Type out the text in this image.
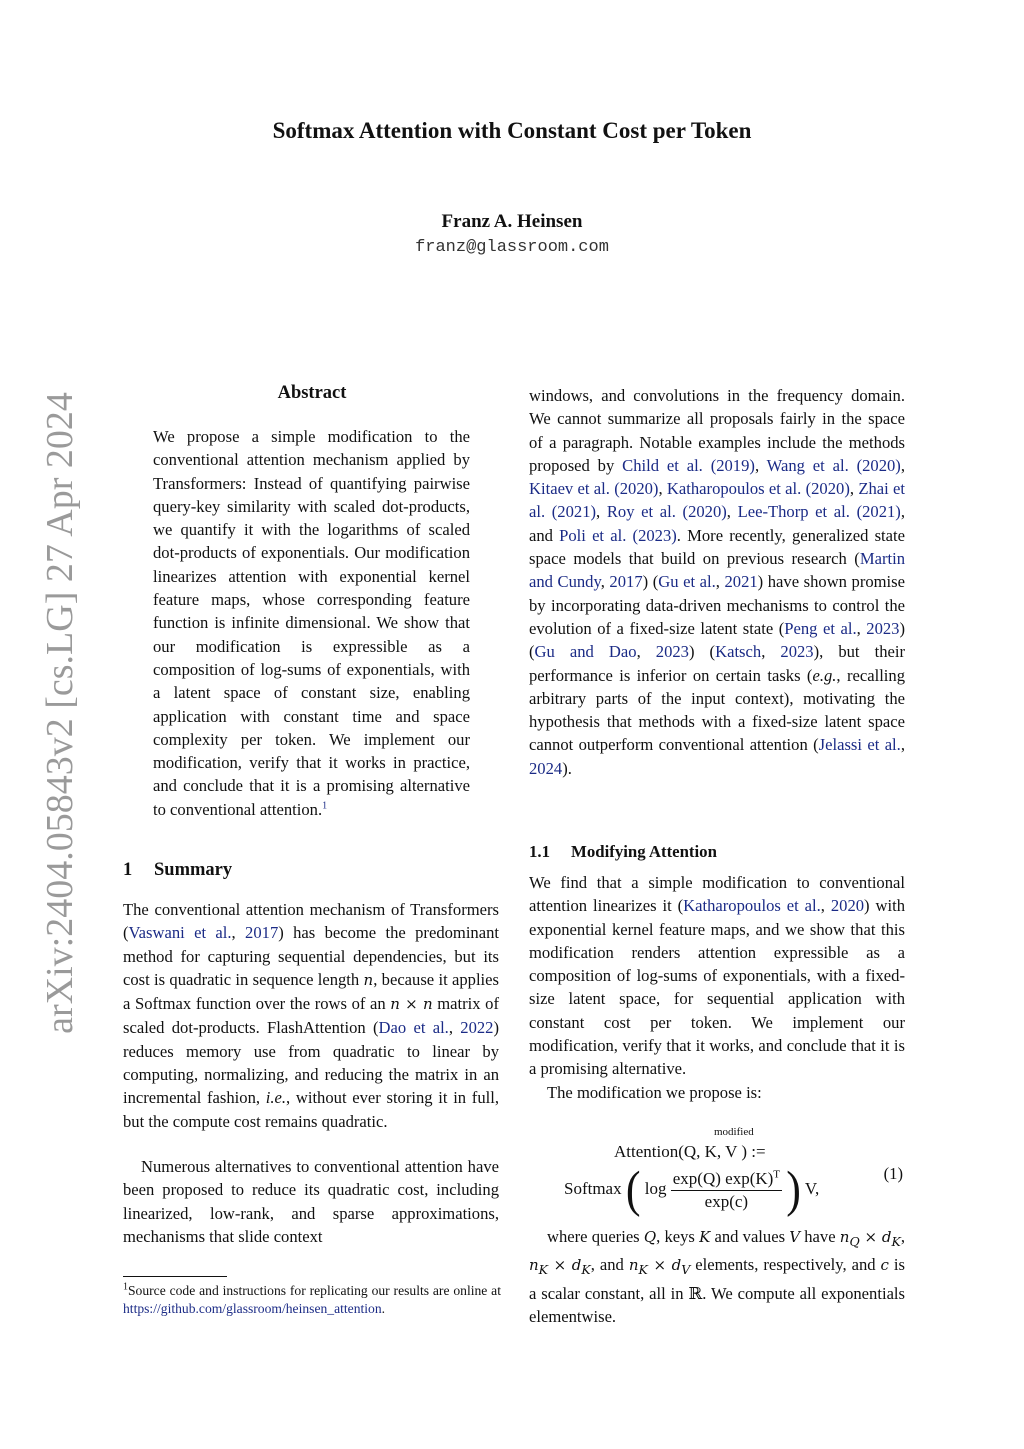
Softmax Attention with Constant Cost per Token
Franz A. Heinsen
franz@glassroom.com
arXiv:2404.05843v2 [cs.LG] 27 Apr 2024	Abstract
We propose a simple modification to the conventional attention mechanism applied by Transformers: Instead of quantifying pairwise query-key similarity with scaled dot-products, we quantify it with the logarithms of scaled dot-products of exponentials. Our modification linearizes attention with exponential kernel feature maps, whose corresponding feature function is infinite dimensional. We show that our modification is expressible as a composition of log-sums of exponentials, with a latent space of constant size, enabling application with constant time and space complexity per token. We implement our modification, verify that it works in practice, and conclude that it is a promising alternative to conventional attention.$^1$
1 Summary
The conventional attention mechanism of Transformers (Vaswani et al., 2017) has become the predominant method for capturing sequential dependencies, but its cost is quadratic in sequence length n, because it applies a Softmax function over the rows of an n × n matrix of scaled dot-products. FlashAttention (Dao et al., 2022) reduces memory use from quadratic to linear by computing, normalizing, and reducing the matrix in an incremental fashion, i.e., without ever storing it in full, but the compute cost remains quadratic.
Numerous alternatives to conventional attention have been proposed to reduce its quadratic cost, including linearized, low-rank, and sparse approximations, mechanisms that slide context
$^1$Source code and instructions for replicating our results are online at https://github.com/glassroom/heinsen_attention.
windows, and convolutions in the frequency domain. We cannot summarize all proposals fairly in the space of a paragraph. Notable examples include the methods proposed by Child et al. (2019), Wang et al. (2020), Kitaev et al. (2020), Katharopoulos et al. (2020), Zhai et al. (2021), Roy et al. (2020), Lee-Thorp et al. (2021), and Poli et al. (2023). More recently, generalized state space models that build on previous research (Martin and Cundy, 2017) (Gu et al., 2021) have shown promise by incorporating data-driven mechanisms to control the evolution of a fixed-size latent state (Peng et al., 2023) (Gu and Dao, 2023) (Katsch, 2023), but their performance is inferior on certain tasks (e.g., recalling arbitrary parts of the input context), motivating the hypothesis that methods with a fixed-size latent space cannot outperform conventional attention (Jelassi et al., 2024).
1.1 Modifying Attention
We find that a simple modification to conventional attention linearizes it (Katharopoulos et al., 2020) with exponential kernel feature maps, and we show that this modification renders attention expressible as a composition of log-sums of exponentials, with a fixed-size latent space, for sequential application with constant cost per token. We implement our modification, verify that it works, and conclude that it is a promising alternative.
The modification we propose is:
modified
Attention(Q, K, V ) :=
Softmax ( $\log \frac{\exp(Q) \exp(K)^T}{\exp(c)}$ ) V,
(1)
where queries Q, keys K and values V have $n_Q \times d_K$, $n_K \times d_K$, and $n_K \times d_V$ elements, respectively, and c is a scalar constant, all in ℝ. We compute all exponentials elementwise.
